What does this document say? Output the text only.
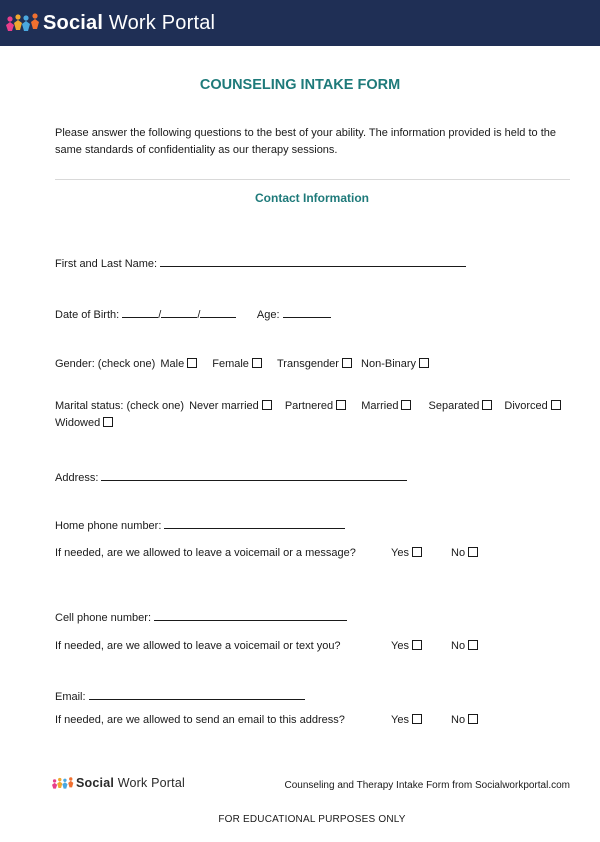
Social Work Portal
COUNSELING INTAKE FORM
Please answer the following questions to the best of your ability. The information provided is held to the same standards of confidentiality as our therapy sessions.
Contact Information
First and Last Name:
Date of Birth:	/	/	Age:
Gender: (check one) Male	Female	Transgender Non-Binary
Marital status: (check one) Never married Partnered	Married	Separated Divorced
Widowed
Address:
Home phone number:
If needed, are we allowed to leave a voicemail or a message?	Yes	No
Cell phone number:
If needed, are we allowed to leave a voicemail or text you?	Yes	No
Email:
If needed, are we allowed to send an email to this address?	Yes	No
Social Work Portal	Counseling and Therapy Intake Form from Socialworkportal.com
FOR EDUCATIONAL PURPOSES ONLY
